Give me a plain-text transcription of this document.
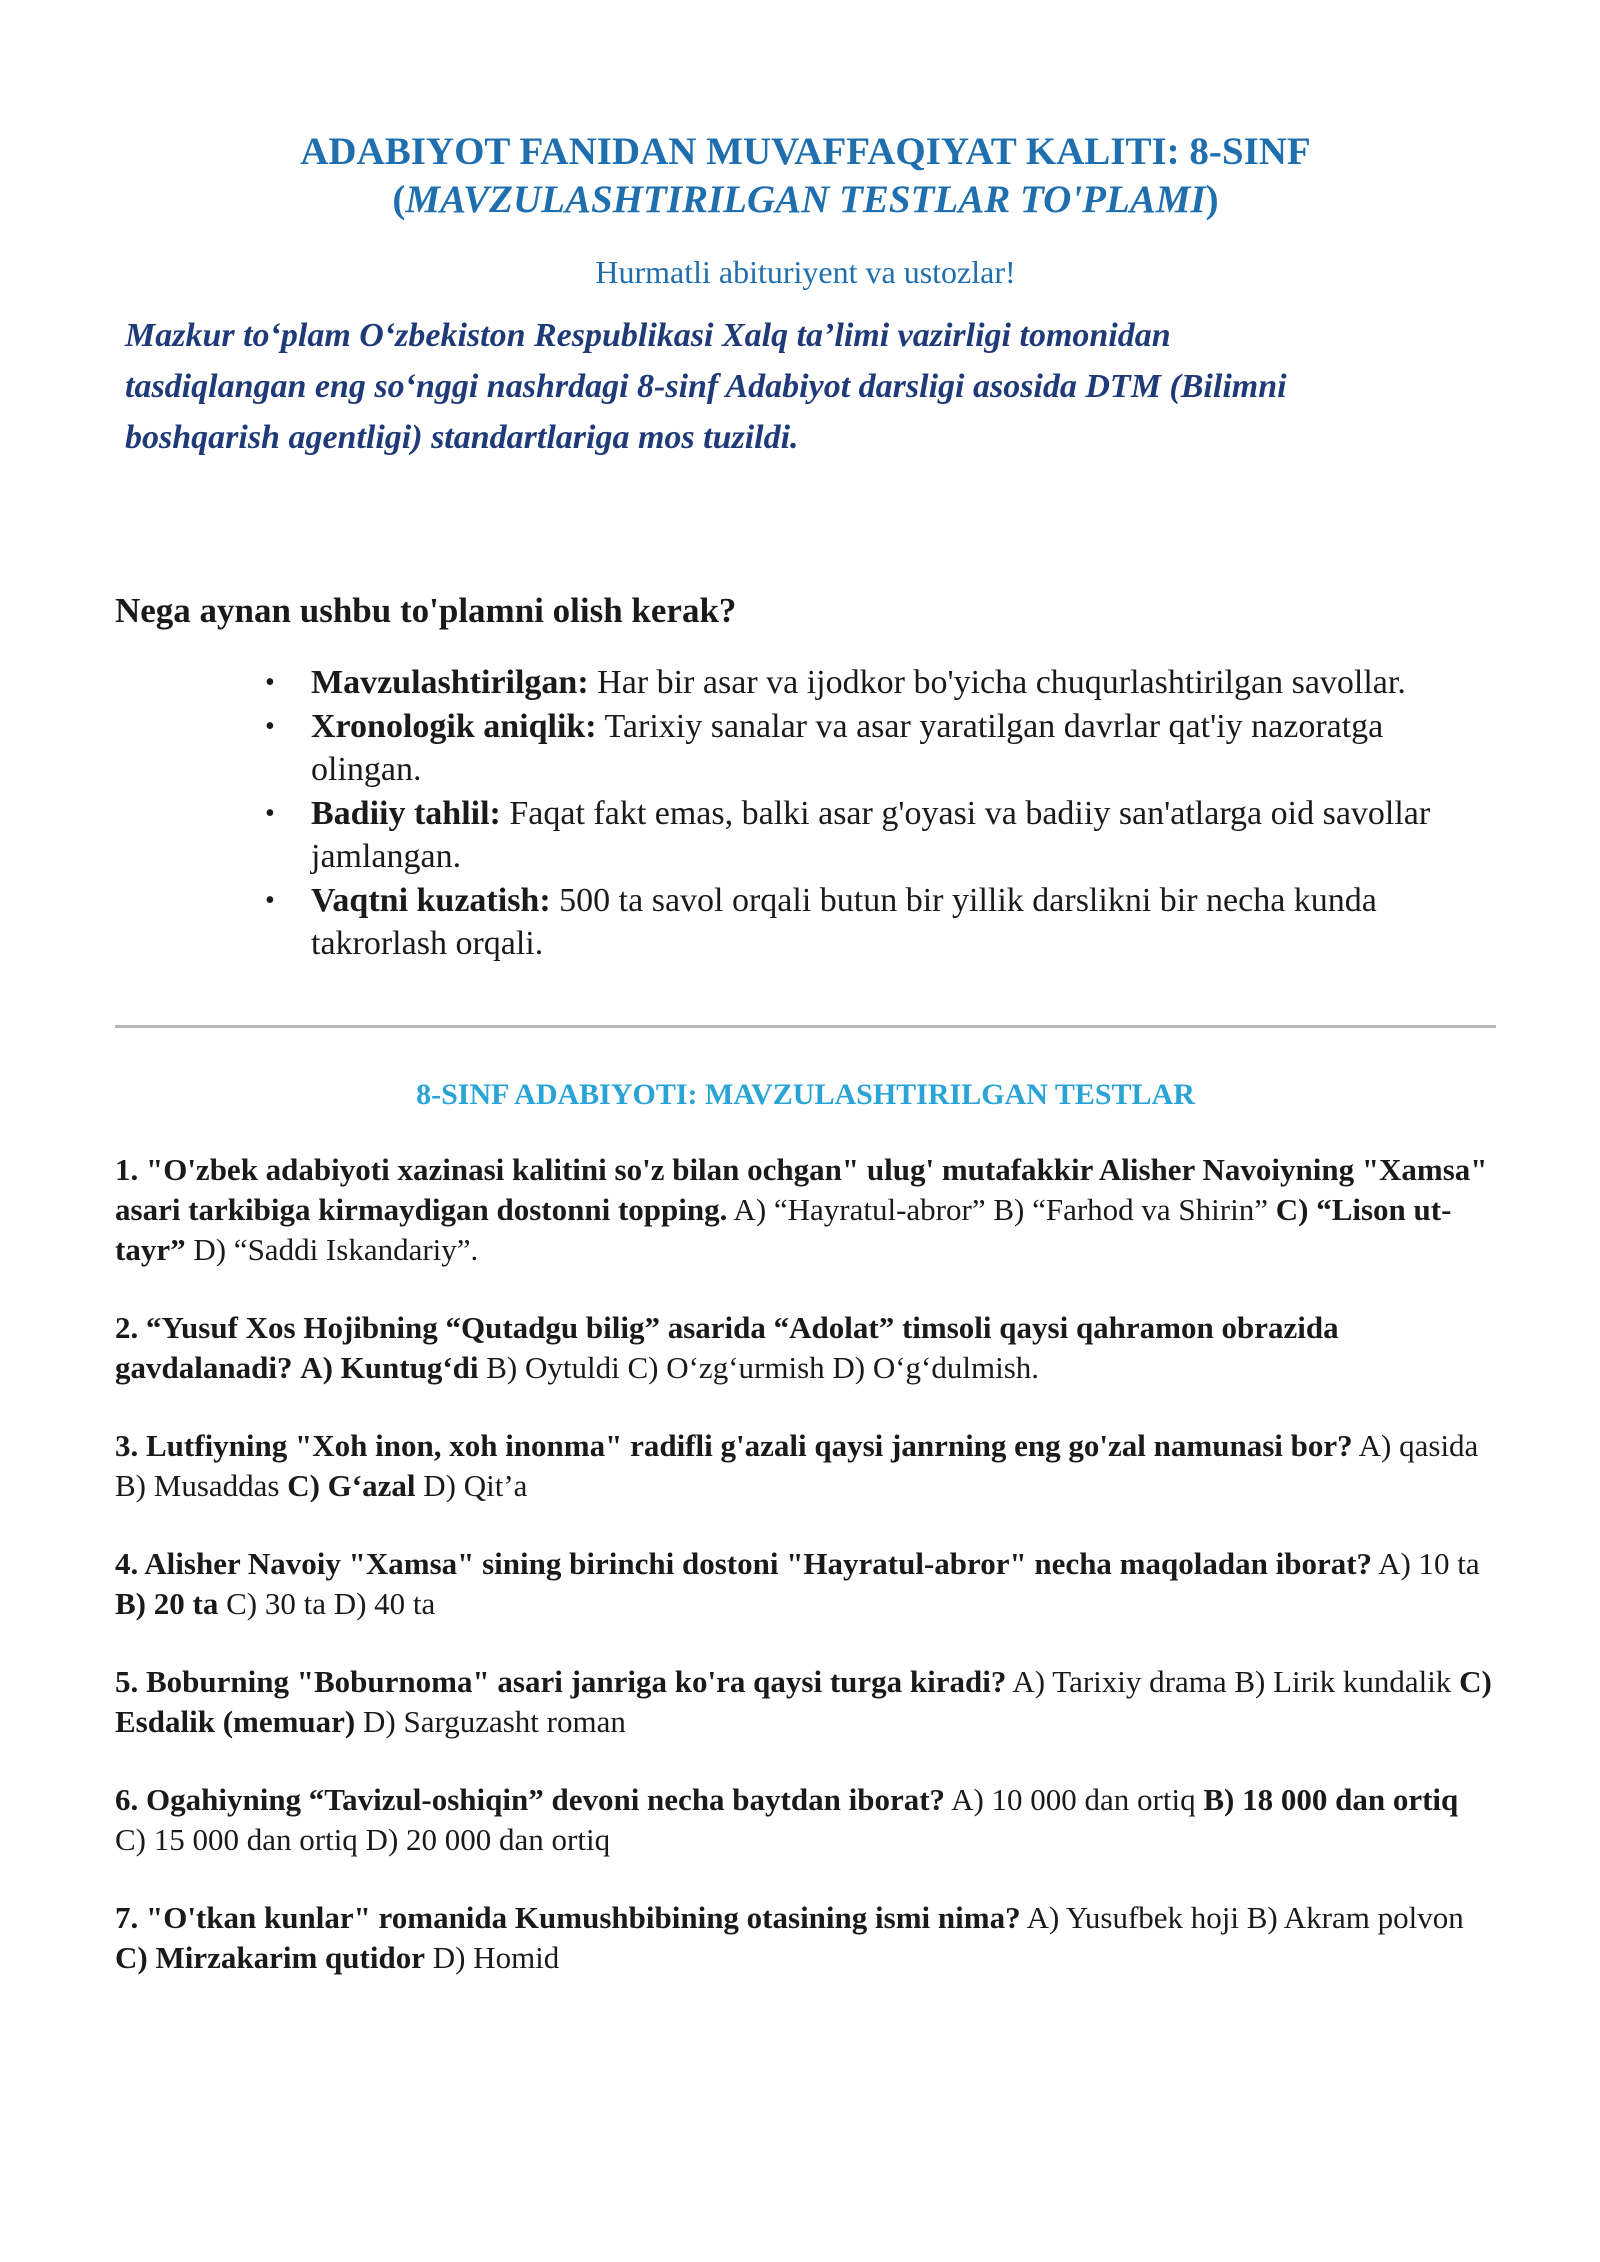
ADABIYOT FANIDAN MUVAFFAQIYAT KALITI: 8-SINF
(MAVZULASHTIRILGAN TESTLAR TO'PLAMI)

Hurmatli abituriyent va ustozlar!

Mazkur to‘plam O‘zbekiston Respublikasi Xalq ta’limi vazirligi tomonidan
tasdiqlangan eng so‘nggi nashrdagi 8-sinf Adabiyot darsligi asosida DTM (Bilimni
boshqarish agentligi) standartlariga mos tuzildi.

Nega aynan ushbu to'plamni olish kerak?

• Mavzulashtirilgan: Har bir asar va ijodkor bo'yicha chuqurlashtirilgan savollar.
• Xronologik aniqlik: Tarixiy sanalar va asar yaratilgan davrlar qat'iy nazoratga olingan.
• Badiiy tahlil: Faqat fakt emas, balki asar g'oyasi va badiiy san'atlarga oid savollar jamlangan.
• Vaqtni kuzatish: 500 ta savol orqali butun bir yillik darslikni bir necha kunda takrorlash orqali.

8-SINF ADABIYOTI: MAVZULASHTIRILGAN TESTLAR

1. "O'zbek adabiyoti xazinasi kalitini so'z bilan ochgan" ulug' mutafakkir Alisher Navoiyning "Xamsa" asari tarkibiga kirmaydigan dostonni topping. A) “Hayratul-abror” B) “Farhod va Shirin” C) “Lison ut-tayr” D) “Saddi Iskandariy”.

2. “Yusuf Xos Hojibning “Qutadgu bilig” asarida “Adolat” timsoli qaysi qahramon obrazida gavdalanadi? A) Kuntug‘di B) Oytuldi C) O‘zg‘urmish D) O‘g‘dulmish.

3. Lutfiyning "Xoh inon, xoh inonma" radifli g'azali qaysi janrning eng go'zal namunasi bor? A) qasida B) Musaddas C) G‘azal D) Qit’a

4. Alisher Navoiy "Xamsa" sining birinchi dostoni "Hayratul-abror" necha maqoladan iborat? A) 10 ta B) 20 ta C) 30 ta D) 40 ta

5. Boburning "Boburnoma" asari janriga ko'ra qaysi turga kiradi? A) Tarixiy drama B) Lirik kundalik C) Esdalik (memuar) D) Sarguzasht roman

6. Ogahiyning “Tavizul-oshiqin” devoni necha baytdan iborat? A) 10 000 dan ortiq B) 18 000 dan ortiq C) 15 000 dan ortiq D) 20 000 dan ortiq

7. "O'tkan kunlar" romanida Kumushbibining otasining ismi nima? A) Yusufbek hoji B) Akram polvon C) Mirzakarim qutidor D) Homid
